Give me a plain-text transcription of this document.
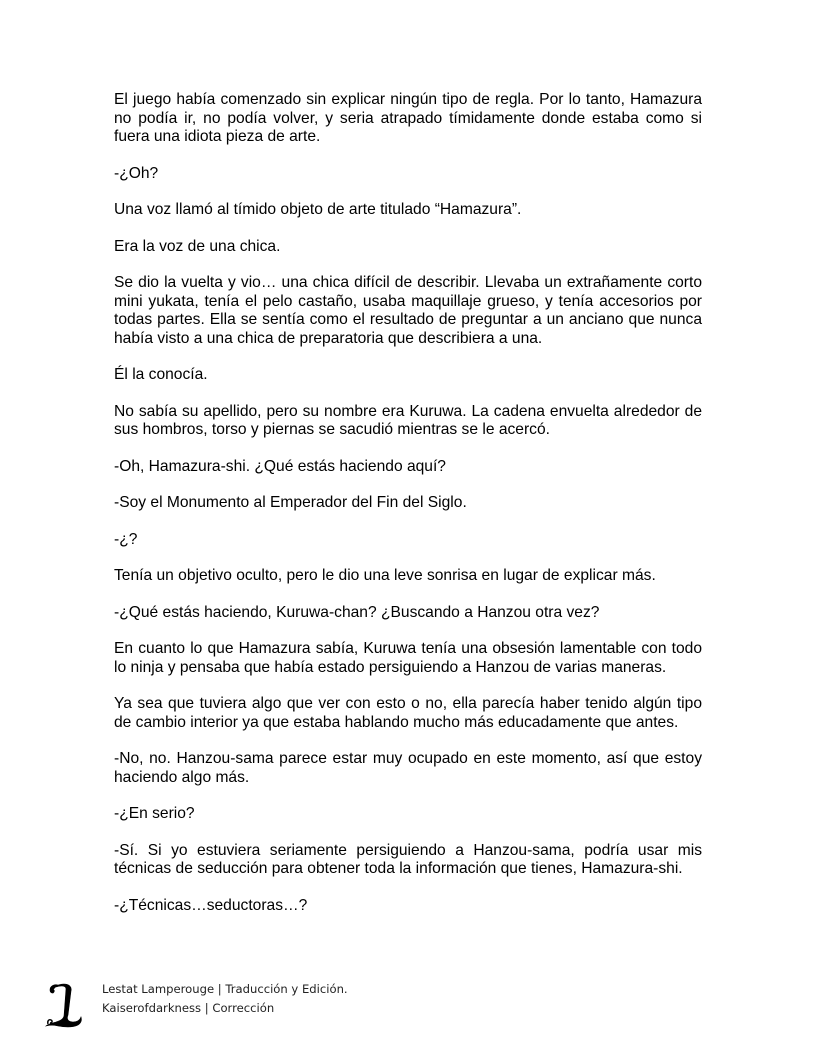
El juego había comenzado sin explicar ningún tipo de regla. Por lo tanto, Hamazura no podía ir, no podía volver, y seria atrapado tímidamente donde estaba como si fuera una idiota pieza de arte.

-¿Oh?

Una voz llamó al tímido objeto de arte titulado “Hamazura”.

Era la voz de una chica.

Se dio la vuelta y vio… una chica difícil de describir. Llevaba un extrañamente corto mini yukata, tenía el pelo castaño, usaba maquillaje grueso, y tenía accesorios por todas partes. Ella se sentía como el resultado de preguntar a un anciano que nunca había visto a una chica de preparatoria que describiera a una.

Él la conocía.

No sabía su apellido, pero su nombre era Kuruwa. La cadena envuelta alrededor de sus hombros, torso y piernas se sacudió mientras se le acercó.

-Oh, Hamazura-shi. ¿Qué estás haciendo aquí?

-Soy el Monumento al Emperador del Fin del Siglo.

-¿?

Tenía un objetivo oculto, pero le dio una leve sonrisa en lugar de explicar más.

-¿Qué estás haciendo, Kuruwa-chan? ¿Buscando a Hanzou otra vez?

En cuanto lo que Hamazura sabía, Kuruwa tenía una obsesión lamentable con todo lo ninja y pensaba que había estado persiguiendo a Hanzou de varias maneras.

Ya sea que tuviera algo que ver con esto o no, ella parecía haber tenido algún tipo de cambio interior ya que estaba hablando mucho más educadamente que antes.

-No, no. Hanzou-sama parece estar muy ocupado en este momento, así que estoy haciendo algo más.

-¿En serio?

-Sí. Si yo estuviera seriamente persiguiendo a Hanzou-sama, podría usar mis técnicas de seducción para obtener toda la información que tienes, Hamazura-shi.

-¿Técnicas…seductoras…?

Lestat Lamperouge | Traducción y Edición.
Kaiserofdarkness | Corrección
